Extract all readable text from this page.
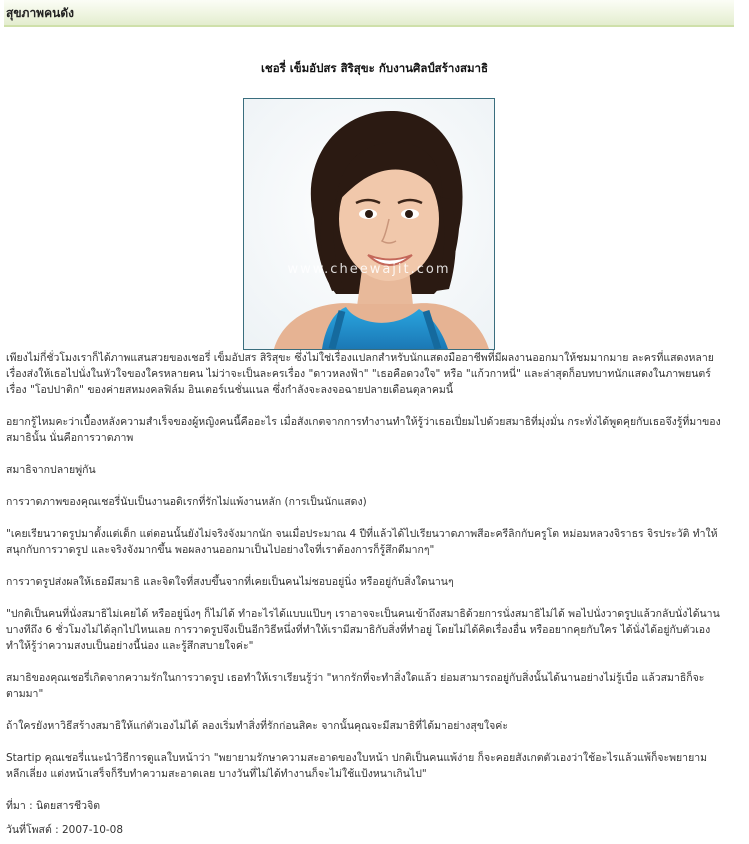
สุขภาพคนดัง
เชอรี่ เข็มอัปสร สิริสุขะ กับงานศิลป์สร้างสมาธิ
www.cheewajit.com

เพียงไม่กี่ชั่วโมงเราก็ได้ภาพแสนสวยของเชอรี่ เข็มอัปสร สิริสุขะ ซึ่งไม่ใช่เรื่องแปลกสำหรับนักแสดงมืออาชีพที่มีผลงานออกมาให้ชมมากมาย ละครที่แสดงหลายเรื่องส่งให้เธอไปนั่งในหัวใจของใครหลายคน ไม่ว่าจะเป็นละครเรื่อง "ดาวหลงฟ้า" "เธอคือดวงใจ" หรือ "แก้วกาหนี่" และล่าสุดก็อบทบาทนักแสดงในภาพยนตร์เรื่อง "โอปปาติก" ของค่ายสหมงคลฟิล์ม อินเตอร์เนชั่นแนล ซึ่งกำลังจะลงจอฉายปลายเดือนตุลาคมนี้

อยากรู้ไหมคะว่าเบื้องหลังความสำเร็จของผู้หญิงคนนี้คืออะไร เมื่อสังเกตจากการทำงานทำให้รู้ว่าเธอเปี่ยมไปด้วยสมาธิที่มุ่งมั่น กระทั่งได้พูดคุยกับเธอจึงรู้ที่มาของสมาธินั้น นั่นคือการวาดภาพ

สมาธิจากปลายพู่กัน

การวาดภาพของคุณเชอรี่นับเป็นงานอดิเรกที่รักไม่แพ้งานหลัก (การเป็นนักแสดง)

"เคยเรียนวาดรูปมาตั้งแต่เด็ก แต่ตอนนั้นยังไม่จริงจังมากนัก จนเมื่อประมาณ 4 ปีที่แล้วได้ไปเรียนวาดภาพสีอะครีลิกกับครูโต หม่อมหลวงจิราธร จิรประวัติ ทำให้สนุกกับการวาดรูป และจริงจังมากขึ้น พอผลงานออกมาเป็นไปอย่างใจที่เราต้องการก็รู้สึกดีมากๆ"

การวาดรูปส่งผลให้เธอมีสมาธิ และจิตใจที่สงบขึ้นจากที่เคยเป็นคนไม่ชอบอยู่นิ่ง หรืออยู่กับสิ่งใดนานๆ

"ปกติเป็นคนที่นั่งสมาธิไม่เคยได้ หรืออยู่นิ่งๆ ก็ไม่ได้ ทำอะไรได้แบบแป๊บๆ เราอาจจะเป็นคนเข้าถึงสมาธิด้วยการนั่งสมาธิไม่ได้ พอไปนั่งวาดรูปแล้วกลับนั่งได้นาน บางทีถึง 6 ชั่วโมงไม่ได้ลุกไปไหนเลย การวาดรูปจึงเป็นอีกวิธีหนึ่งที่ทำให้เรามีสมาธิกับสิ่งที่ทำอยู่ โดยไม่ได้คิดเรื่องอื่น หรืออยากคุยกับใคร ได้นั่งได้อยู่กับตัวเอง ทำให้รู้ว่าความสงบเป็นอย่างนี้น่อง และรู้สึกสบายใจค่ะ"

สมาธิของคุณเชอรี่เกิดจากความรักในการวาดรูป เธอทำให้เราเรียนรู้ว่า "หากรักที่จะทำสิ่งใดแล้ว ย่อมสามารถอยู่กับสิ่งนั้นได้นานอย่างไม่รู้เบื่อ แล้วสมาธิก็จะตามมา"

ถ้าใครยังหาวิธีสร้างสมาธิให้แก่ตัวเองไม่ได้ ลองเริ่มทำสิ่งที่รักก่อนสิคะ จากนั้นคุณจะมีสมาธิที่ได้มาอย่างสุขใจค่ะ

Startip คุณเชอรี่แนะนำวิธีการดูแลใบหน้าว่า "พยายามรักษาความสะอาดของใบหน้า ปกติเป็นคนแพ้ง่าย ก็จะคอยสังเกตตัวเองว่าใช้อะไรแล้วแพ้ก็จะพยายามหลีกเลี่ยง แต่งหน้าเสร็จก็รีบทำความสะอาดเลย บางวันที่ไม่ได้ทำงานก็จะไม่ใช้แป้งหนาเกินไป"

ที่มา : นิตยสารชีวจิต
วันที่โพสต์ : 2007-10-08
